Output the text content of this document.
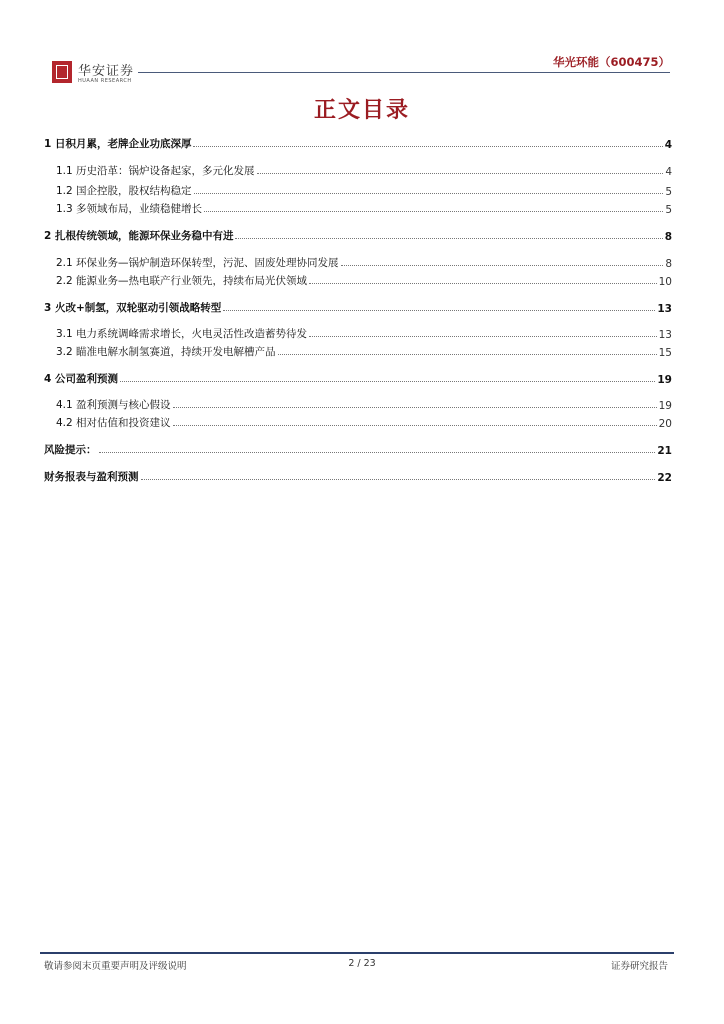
华安证券
HUAAN RESEARCH
华光环能（600475）
正文目录
1 日积月累，老牌企业功底深厚	4
1.1 历史沿革：锅炉设备起家，多元化发展	4
1.2 国企控股，股权结构稳定	5
1.3 多领域布局，业绩稳健增长	5
2 扎根传统领域，能源环保业务稳中有进	8
2.1 环保业务—锅炉制造环保转型，污泥、固废处理协同发展	8
2.2 能源业务—热电联产行业领先，持续布局光伏领域	10
3 火改+制氢，双轮驱动引领战略转型	13
3.1 电力系统调峰需求增长，火电灵活性改造蓄势待发	13
3.2 瞄准电解水制氢赛道，持续开发电解槽产品	15
4 公司盈利预测	19
4.1 盈利预测与核心假设	19
4.2 相对估值和投资建议	20
风险提示：	21
财务报表与盈利预测	22
敬请参阅末页重要声明及评级说明	2 / 23	证券研究报告
